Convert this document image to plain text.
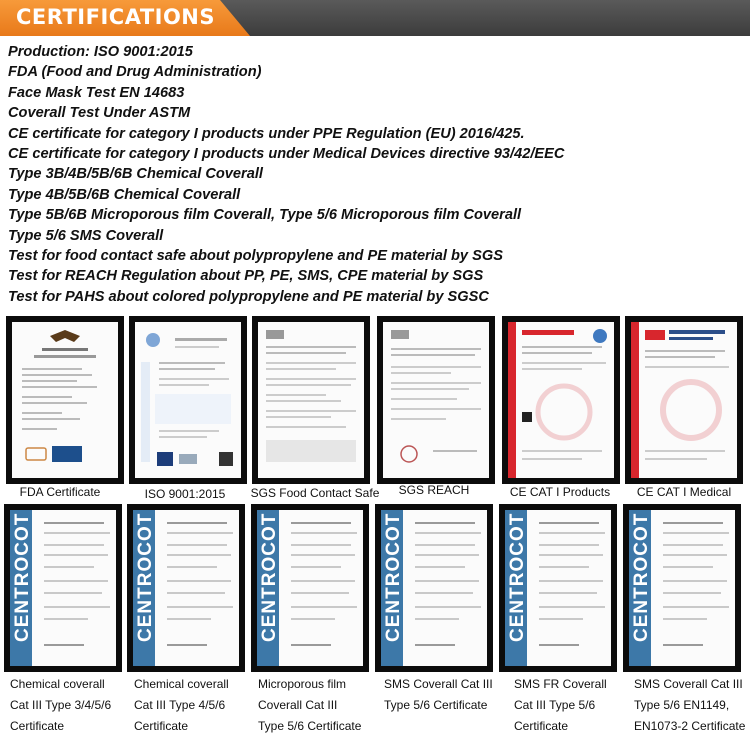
CERTIFICATIONS
Production: ISO 9001:2015
FDA (Food and Drug Administration)
Face Mask Test EN 14683
Coverall Test Under ASTM
CE certificate for category I products under PPE Regulation (EU) 2016/425.
CE certificate for category I products under Medical Devices directive 93/42/EEC
Type 3B/4B/5B/6B Chemical Coverall
Type 4B/5B/6B Chemical Coverall
Type 5B/6B Microporous film Coverall, Type 5/6 Microporous film Coverall
Type 5/6 SMS Coverall
Test for food contact safe about polypropylene and PE material by SGS
Test for REACH Regulation about PP, PE, SMS, CPE material by SGS
Test for PAHS about colored polypropylene and PE material by SGSC
FDA Certificate	ISO 9001:2015	SGS Food Contact Safe	SGS REACH	CE CAT I Products	CE CAT I Medical
CENTROCOT	CENTROCOT	CENTROCOT	CENTROCOT	CENTROCOT	CENTROCOT
Chemical coverall
Cat III Type 3/4/5/6
Certificate
Chemical coverall
Cat III Type 4/5/6
Certificate
Microporous film
Coverall Cat III
Type 5/6 Certificate
SMS Coverall Cat III
Type 5/6 Certificate
SMS FR Coverall
Cat III Type 5/6
Certificate
SMS Coverall Cat III
Type 5/6 EN1149,
EN1073-2 Certificate
